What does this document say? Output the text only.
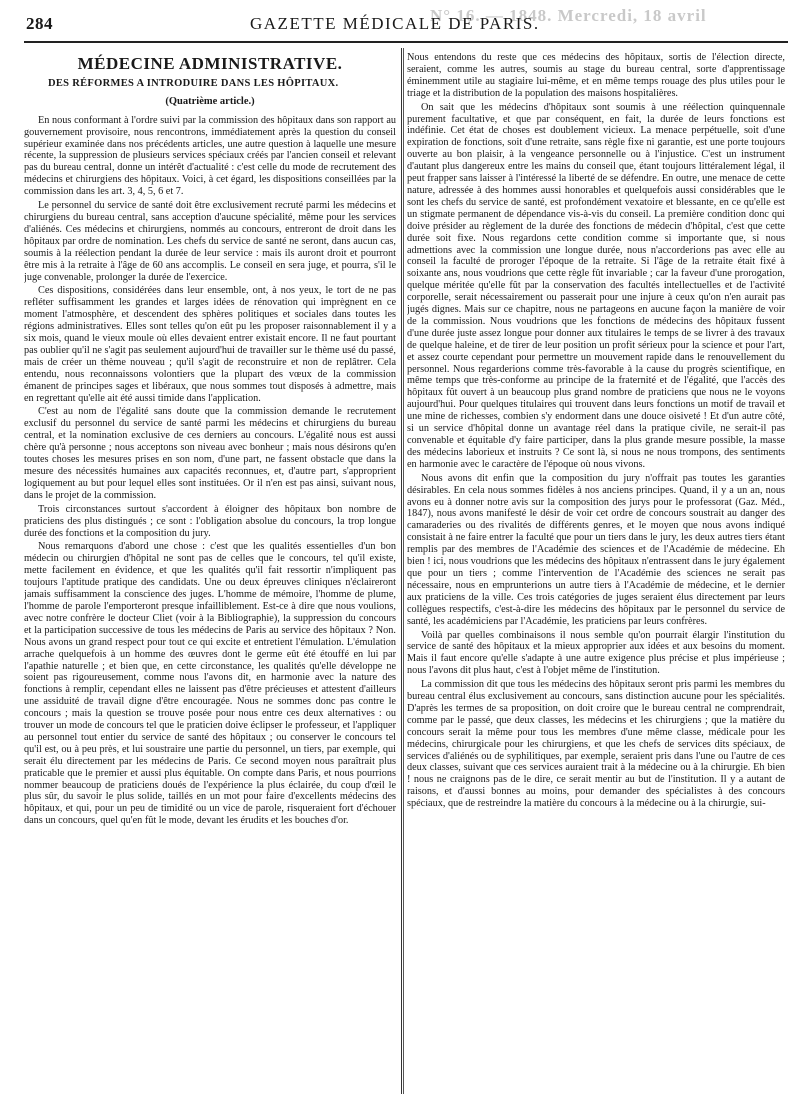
N° 16. — 1848. Mercredi, 18 avril
284	GAZETTE MÉDICALE DE PARIS.
MÉDECINE ADMINISTRATIVE.
DES RÉFORMES A INTRODUIRE DANS LES HÔPITAUX.
(Quatrième article.)

En nous conformant à l'ordre suivi par la commission des hôpitaux dans son rapport au gouvernement provisoire, nous rencontrons, immédiatement après la question du conseil supérieur examinée dans nos précédents articles, une autre question à laquelle une mesure récente, la suppression de plusieurs services spéciaux créés par l'ancien conseil et relevant pas du bureau central, donne un intérêt d'actualité : c'est celle du mode de recrutement des médecins et chirurgiens des hôpitaux. Voici, à cet égard, les dispositions conseillées par la commission dans les art. 3, 4, 5, 6 et 7.

Le personnel du service de santé doit être exclusivement recruté parmi les médecins et chirurgiens du bureau central, sans acception d'aucune spécialité, même pour les services d'aliénés. Ces médecins et chirurgiens, nommés au concours, entreront de droit dans les hôpitaux par ordre de nomination. Les chefs du service de santé ne seront, dans aucun cas, soumis à la réélection pendant la durée de leur service : mais ils auront droit et pourront être mis à la retraite à l'âge de 60 ans accomplis. Le conseil en sera juge, et pourra, s'il le juge convenable, prolonger la durée de l'exercice.

Ces dispositions, considérées dans leur ensemble, ont, à nos yeux, le tort de ne pas refléter suffisamment les grandes et larges idées de rénovation qui imprègnent en ce moment l'atmosphère, et descendent des sphères politiques et sociales dans toutes les régions administratives. Elles sont telles qu'on eût pu les proposer raisonnablement il y a six mois, quand le vieux moule où elles devaient entrer existait encore. Il ne faut pourtant pas oublier qu'il ne s'agit pas seulement aujourd'hui de travailler sur le thème usé du passé, mais de créer un thème nouveau ; qu'il s'agit de reconstruire et non de replâtrer. Cela entendu, nous reconnaissons volontiers que la plupart des vœux de la commission émanent de principes sages et libéraux, que nous sommes tout disposés à admettre, mais en regrettant qu'elle ait été aussi timide dans l'application.

C'est au nom de l'égalité sans doute que la commission demande le recrutement exclusif du personnel du service de santé parmi les médecins et chirurgiens du bureau central, et la nomination exclusive de ces derniers au concours. L'égalité nous est aussi chère qu'à personne ; nous acceptons son niveau avec bonheur ; mais nous désirons qu'en toutes choses les mesures prises en son nom, d'une part, ne fassent obstacle que dans la mesure des nécessités humaines aux capacités reconnues, et, d'autre part, s'approprient logiquement au but pour lequel elles sont instituées. Or il n'en est pas ainsi, suivant nous, dans le projet de la commission.

Trois circonstances surtout s'accordent à éloigner des hôpitaux bon nombre de praticiens des plus distingués ; ce sont : l'obligation absolue du concours, la trop longue durée des fonctions et la composition du jury.

Nous remarquons d'abord une chose : c'est que les qualités essentielles d'un bon médecin ou chirurgien d'hôpital ne sont pas de celles que le concours, tel qu'il existe, mette facilement en évidence, et que les qualités qu'il fait ressortir n'impliquent pas toujours l'aptitude pratique des candidats. Une ou deux épreuves cliniques n'éclaireront jamais suffisamment la conscience des juges. L'homme de mémoire, l'homme de plume, l'homme de parole l'emporteront presque infailliblement. Est-ce à dire que nous voulions, avec notre confrère le docteur Cliet (voir à la Bibliographie), la suppression du concours et la participation successive de tous les médecins de Paris au service des hôpitaux ? Non. Nous avons un grand respect pour tout ce qui excite et entretient l'émulation. L'émulation arrache quelquefois à un homme des œuvres dont le germe eût été étouffé en lui par l'apathie naturelle ; et bien que, en cette circonstance, les qualités qu'elle développe ne soient pas rigoureusement, comme nous l'avons dit, en harmonie avec la nature des fonctions à remplir, cependant elles ne laissent pas d'être précieuses et attestent d'ailleurs une assiduité de travail digne d'être encouragée. Nous ne sommes donc pas contre le concours ; mais la question se trouve posée pour nous entre ces deux alternatives : ou trouver un mode de concours tel que le praticien doive éclipser le professeur, et l'appliquer au personnel tout entier du service de santé des hôpitaux ; ou conserver le concours tel qu'il est, ou à peu près, et lui soustraire une partie du personnel, un tiers, par exemple, qui serait élu directement par les médecins de Paris. Ce second moyen nous paraîtrait plus praticable que le premier et aussi plus équitable. On compte dans Paris, et nous pourrions nommer beaucoup de praticiens doués de l'expérience la plus éclairée, du coup d'œil le plus sûr, du savoir le plus solide, taillés en un mot pour faire d'excellents médecins des hôpitaux, et qui, pour un peu de timidité ou un vice de parole, risqueraient fort d'échouer dans un concours, quel qu'en fût le mode, devant les érudits et les bouches d'or.

Nous entendons du reste que ces médecins des hôpitaux, sortis de l'élection directe, seraient, comme les autres, soumis au stage du bureau central, sorte d'apprentissage éminemment utile au stagiaire lui-même, et en même temps rouage des plus utiles pour le triage et la distribution de la population des maisons hospitalières.

On sait que les médecins d'hôpitaux sont soumis à une réélection quinquennale purement facultative, et que par conséquent, en fait, la durée de leurs fonctions est indéfinie. Cet état de choses est doublement vicieux. La menace perpétuelle, soit d'une expiration de fonctions, soit d'une retraite, sans règle fixe ni garantie, est une porte toujours ouverte au bon plaisir, à la vengeance personnelle ou à l'injustice. C'est un instrument d'autant plus dangereux entre les mains du conseil que, étant toujours littéralement légal, il peut frapper sans laisser à l'intéressé la liberté de se défendre. En outre, une menace de cette nature, adressée à des hommes aussi honorables et quelquefois aussi considérables que le sont les chefs du service de santé, est profondément vexatoire et blessante, en ce qu'elle est un stigmate permanent de dépendance vis-à-vis du conseil. La première condition donc qui doive présider au règlement de la durée des fonctions de médecin d'hôpital, c'est que cette durée soit fixe. Nous regardons cette condition comme si importante que, si nous admettions avec la commission une longue durée, nous n'accorderions pas avec elle au conseil la faculté de proroger l'époque de la retraite. Si l'âge de la retraite était fixé à soixante ans, nous voudrions que cette règle fût invariable ; car la faveur d'une prorogation, quelque méritée qu'elle fût par la conservation des facultés intellectuelles et de l'activité corporelle, serait nécessairement ou passerait pour une injure à ceux qu'on n'en aurait pas jugés dignes. Mais sur ce chapitre, nous ne partageons en aucune façon la manière de voir de la commission. Nous voudrions que les fonctions de médecins des hôpitaux fussent d'une durée juste assez longue pour donner aux titulaires le temps de se livrer à des travaux de quelque haleine, et de tirer de leur position un profit sérieux pour la science et pour l'art, et assez courte cependant pour permettre un mouvement rapide dans le renouvellement du personnel. Nous regarderions comme très-favorable à la cause du progrès scientifique, en même temps que très-conforme au principe de la fraternité et de l'égalité, que l'accès des hôpitaux fût ouvert à un beaucoup plus grand nombre de praticiens que nous ne le voyons aujourd'hui. Pour quelques titulaires qui trouvent dans leurs fonctions un motif de travail et une mine de richesses, combien s'y endorment dans une douce oisiveté ! Et d'un autre côté, si un service d'hôpital donne un avantage réel dans la pratique civile, ne serait-il pas convenable et équitable d'y faire participer, dans la plus grande mesure possible, la masse des médecins laborieux et instruits ? Ce sont là, si nous ne nous trompons, des sentiments en harmonie avec le caractère de l'époque où nous vivons.

Nous avons dit enfin que la composition du jury n'offrait pas toutes les garanties désirables. En cela nous sommes fidèles à nos anciens principes. Quand, il y a un an, nous avons eu à donner notre avis sur la composition des jurys pour le professorat (Gaz. Méd., 1847), nous avons manifesté le désir de voir cet ordre de concours soustrait au danger des camaraderies ou des rivalités de différents genres, et le moyen que nous avons indiqué consistait à ne faire entrer la faculté que pour un tiers dans le jury, les deux autres tiers étant remplis par des membres de l'Académie des sciences et de l'Académie de médecine. Eh bien ! ici, nous voudrions que les médecins des hôpitaux n'entrassent dans le jury également que pour un tiers ; comme l'intervention de l'Académie des sciences ne serait pas nécessaire, nous en emprunterions un autre tiers à l'Académie de médecine, et le dernier aux praticiens de la ville. Ces trois catégories de juges seraient élus directement par leurs collègues respectifs, c'est-à-dire les médecins des hôpitaux par le personnel du service de santé, les académiciens par l'Académie, les praticiens par leurs confrères.

Voilà par quelles combinaisons il nous semble qu'on pourrait élargir l'institution du service de santé des hôpitaux et la mieux approprier aux idées et aux besoins du moment. Mais il faut encore qu'elle s'adapte à une autre exigence plus précise et plus impérieuse ; nous l'avons dit plus haut, c'est à l'objet même de l'institution.

La commission dit que tous les médecins des hôpitaux seront pris parmi les membres du bureau central élus exclusivement au concours, sans distinction aucune pour les spécialités. D'après les termes de sa proposition, on doit croire que le bureau central ne comprendrait, comme par le passé, que deux classes, les médecins et les chirurgiens ; que la matière du concours serait la même pour tous les membres d'une même classe, médicale pour les médecins, chirurgicale pour les chirurgiens, et que les chefs de services dits spéciaux, de services d'aliénés ou de syphilitiques, par exemple, seraient pris dans l'une ou l'autre de ces deux classes, suivant que ces services auraient trait à la médecine ou à la chirurgie. Eh bien ! nous ne craignons pas de le dire, ce serait mentir au but de l'institution. Il y a autant de raisons, et d'aussi bonnes au moins, pour demander des spécialistes à des concours spéciaux, que de restreindre la matière du concours à la médecine ou à la chirurgie, sui-
